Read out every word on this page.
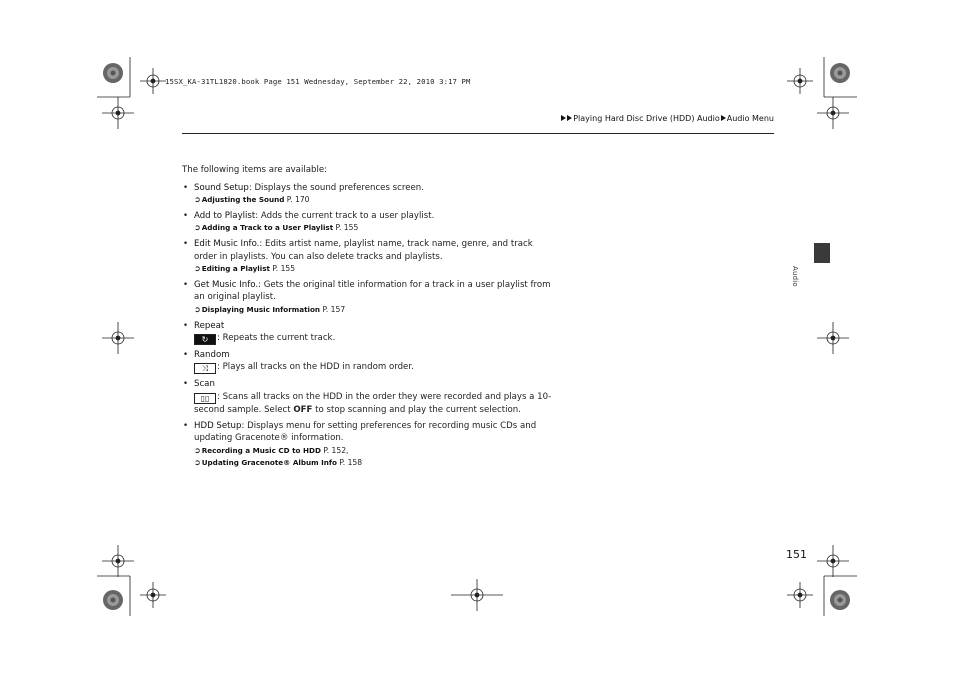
15SX_KA-31TL1820.book Page 151 Wednesday, September 22, 2010 3:17 PM
Playing Hard Disc Drive (HDD) Audio Audio Menu
Audio

The following items are available:

• Sound Setup: Displays the sound preferences screen.
➲Adjusting the Sound P. 170
• Add to Playlist: Adds the current track to a user playlist.
➲Adding a Track to a User Playlist P. 155
• Edit Music Info.: Edits artist name, playlist name, track name, genre, and track order in playlists. You can also delete tracks and playlists.
➲Editing a Playlist P. 155
• Get Music Info.: Gets the original title information for a track in a user playlist from an original playlist.
➲Displaying Music Information P. 157
• Repeat
↻ : Repeats the current track.
• Random
⤨ : Plays all tracks on the HDD in random order.
• Scan
▯▯ : Scans all tracks on the HDD in the order they were recorded and plays a 10-second sample. Select OFF to stop scanning and play the current selection.
• HDD Setup: Displays menu for setting preferences for recording music CDs and updating Gracenote® information.
➲Recording a Music CD to HDD P. 152,
➲Updating Gracenote® Album Info P. 158
151
